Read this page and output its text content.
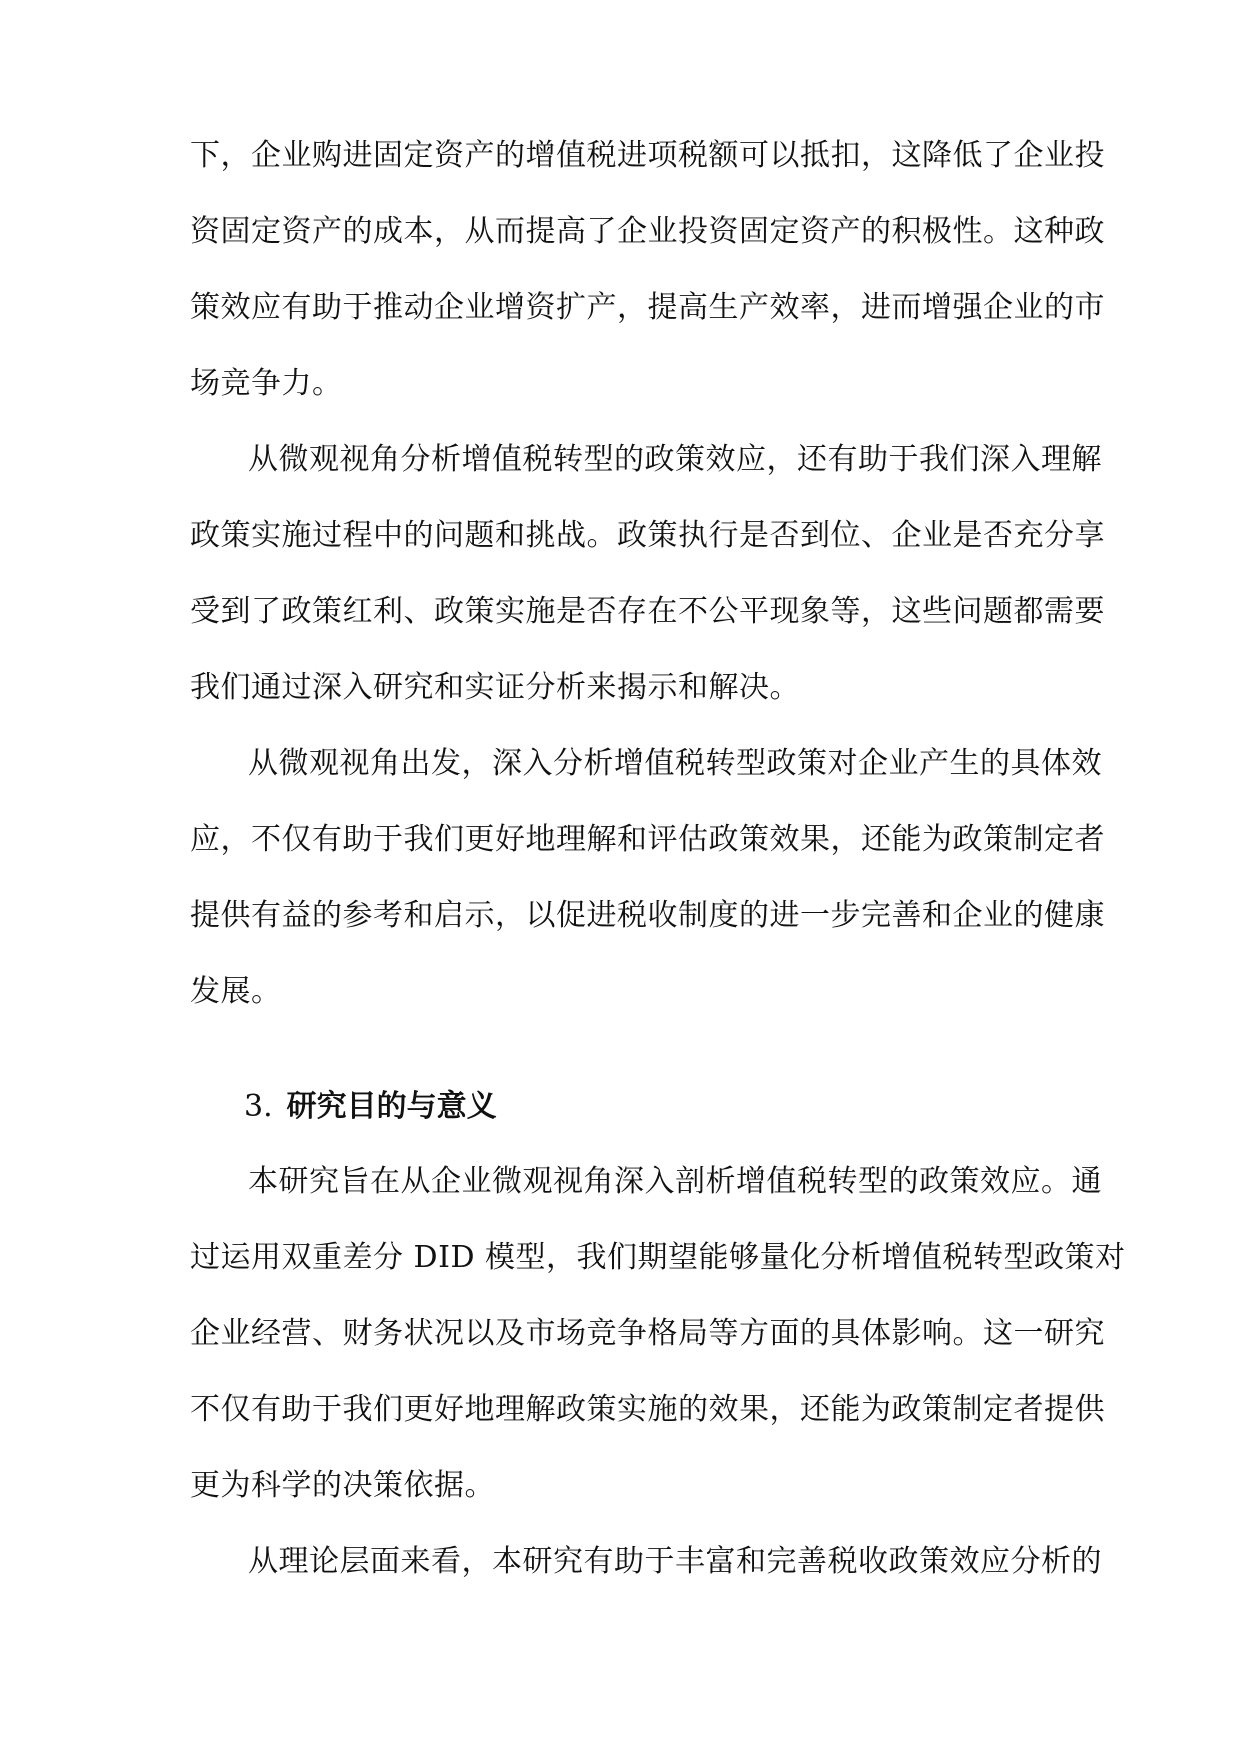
下，企业购进固定资产的增值税进项税额可以抵扣，这降低了企业投
资固定资产的成本，从而提高了企业投资固定资产的积极性。这种政
策效应有助于推动企业增资扩产，提高生产效率，进而增强企业的市
场竞争力。
从微观视角分析增值税转型的政策效应，还有助于我们深入理解
政策实施过程中的问题和挑战。政策执行是否到位、企业是否充分享
受到了政策红利、政策实施是否存在不公平现象等，这些问题都需要
我们通过深入研究和实证分析来揭示和解决。
从微观视角出发，深入分析增值税转型政策对企业产生的具体效
应，不仅有助于我们更好地理解和评估政策效果，还能为政策制定者
提供有益的参考和启示，以促进税收制度的进一步完善和企业的健康
发展。
3. 研究目的与意义
本研究旨在从企业微观视角深入剖析增值税转型的政策效应。通
过运用双重差分 DID 模型，我们期望能够量化分析增值税转型政策对
企业经营、财务状况以及市场竞争格局等方面的具体影响。这一研究
不仅有助于我们更好地理解政策实施的效果，还能为政策制定者提供
更为科学的决策依据。
从理论层面来看，本研究有助于丰富和完善税收政策效应分析的
